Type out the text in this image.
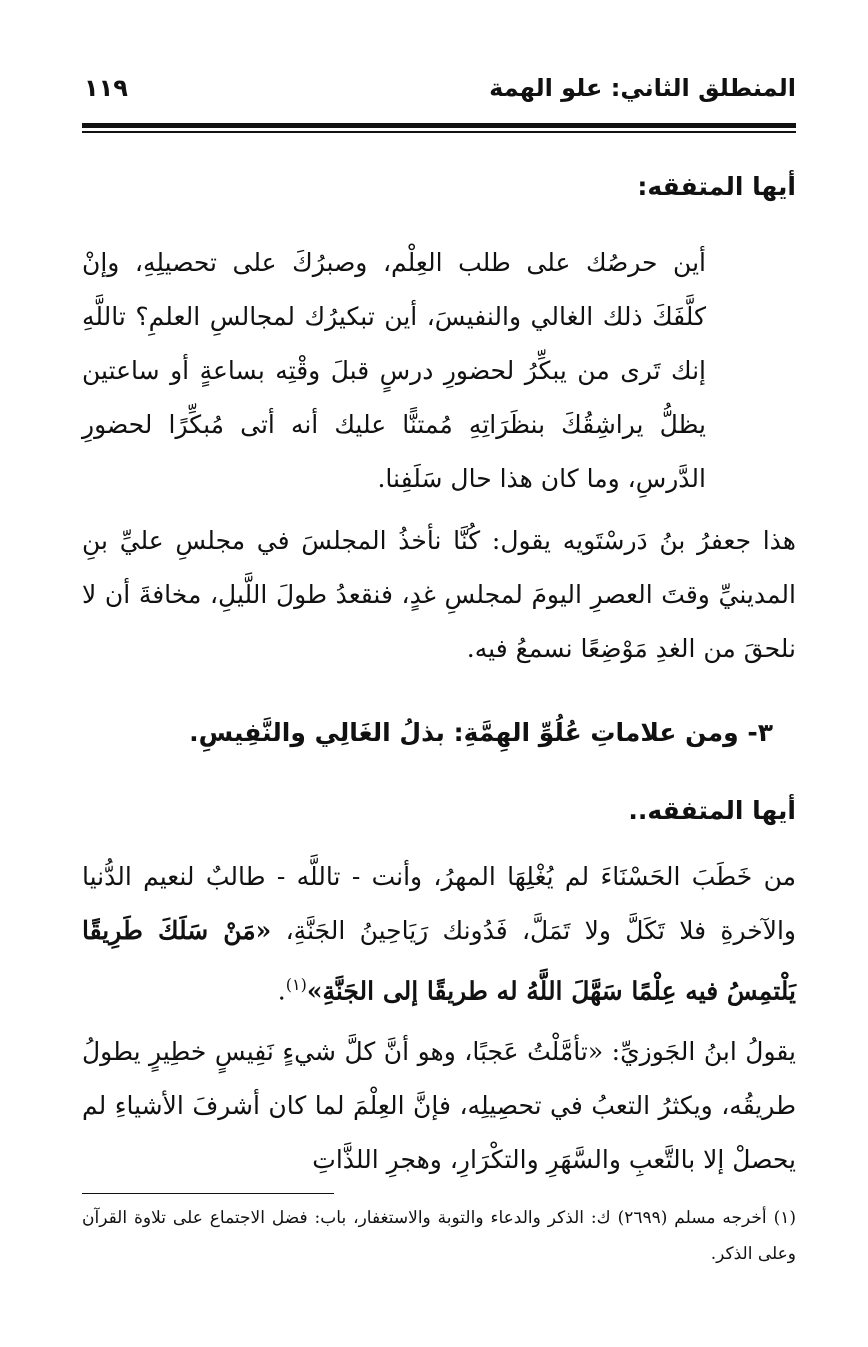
المنطلق الثاني: علو الهمة
١١٩
أيها المتفقه:
أين حرصُك على طلب العِلْم، وصبرُكَ على تحصيلِهِ، وإنْ كلَّفَكَ ذلك الغالي والنفيسَ، أين تبكيرُك لمجالسِ العلمِ؟ تاللَّهِ إنك تَرى من يبكِّرُ لحضورِ درسٍ قبلَ وقْتِه بساعةٍ أو ساعتين يظلُّ يراشِقُكَ بنظَرَاتِهِ مُمتنًّا عليك أنه أتى مُبكِّرًا لحضورِ الدَّرسِ، وما كان هذا حال سَلَفِنا.
هذا جعفرُ بنُ دَرسْتَويه يقول: كُنَّا نأخذُ المجلسَ في مجلسِ عليِّ بنِ المدينيِّ وقتَ العصرِ اليومَ لمجلسِ غدٍ، فنقعدُ طولَ اللَّيلِ، مخافةَ أن لا نلحقَ من الغدِ مَوْضِعًا نسمعُ فيه.
٣- ومن علاماتِ عُلُوِّ الهِمَّةِ: بذلُ الغَالِي والنَّفِيسِ.
أيها المتفقه..
من خَطَبَ الحَسْنَاءَ لم يُغْلِهَا المهرُ، وأنت - تاللَّه - طالبٌ لنعيم الدُّنيا والآخرةِ فلا تَكَلَّ ولا تَمَلَّ، فَدُونك رَيَاحِينُ الجَنَّةِ، «مَنْ سَلَكَ طَرِيقًا يَلْتمِسُ فيه عِلْمًا سَهَّلَ اللَّهُ له طريقًا إلى الجَنَّةِ»$^{(١)}$.
يقولُ ابنُ الجَوزيِّ: «تأمَّلْتُ عَجبًا، وهو أنَّ كلَّ شيءٍ نَفِيسٍ خطِيرٍ يطولُ طريقُه، ويكثرُ التعبُ في تحصِيلِه، فإنَّ العِلْمَ لما كان أشرفَ الأشياءِ لم يحصلْ إلا بالتَّعبِ والسَّهَرِ والتكْرَارِ، وهجرِ اللذَّاتِ
(١) أخرجه مسلم (٢٦٩٩) ك: الذكر والدعاء والتوبة والاستغفار، باب: فضل الاجتماع على تلاوة القرآن وعلى الذكر.
